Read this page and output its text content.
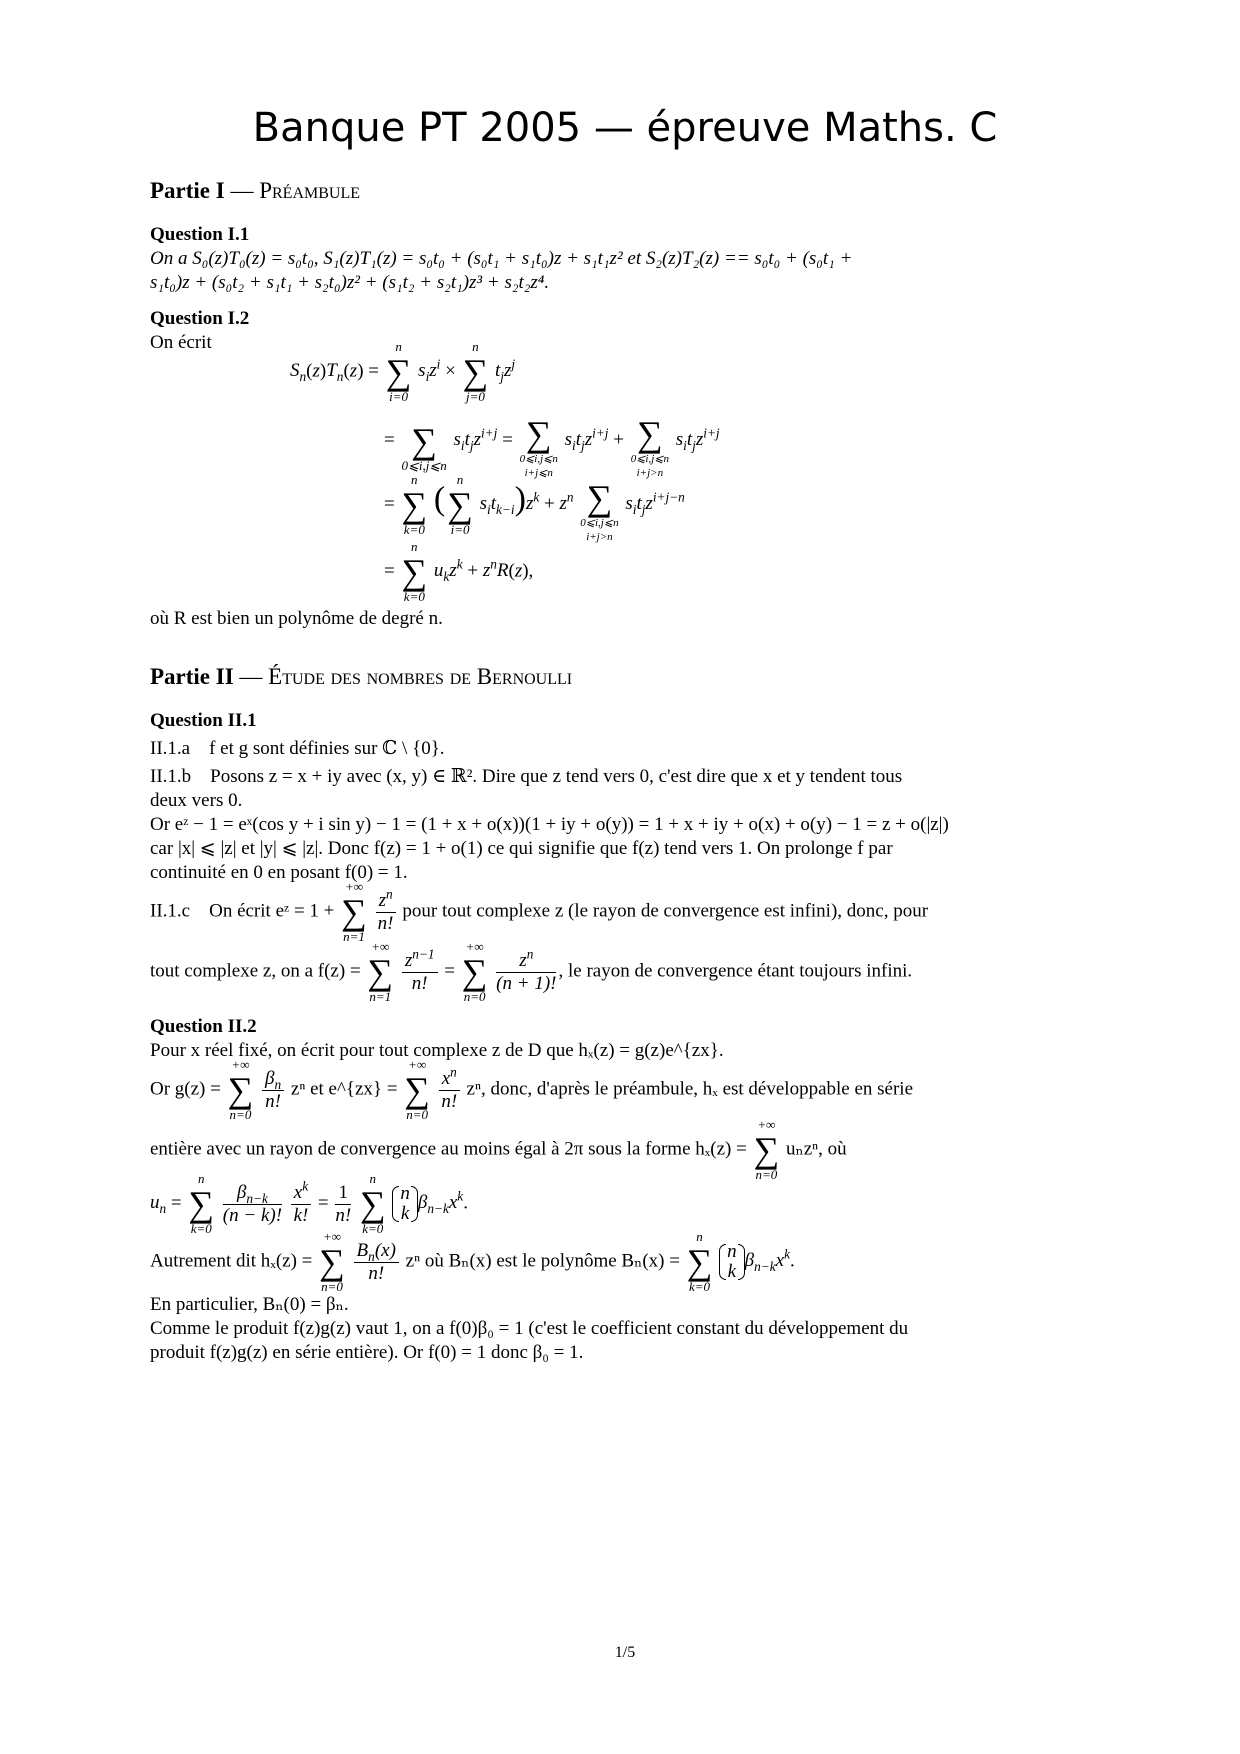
Banque PT 2005 — épreuve Maths. C
Partie I — Préambule
Question I.1
On a S₀(z)T₀(z) = s₀t₀, S₁(z)T₁(z) = s₀t₀ + (s₀t₁ + s₁t₀)z + s₁t₁z² et S₂(z)T₂(z) == s₀t₀ + (s₀t₁ +
s₁t₀)z + (s₀t₂ + s₁t₁ + s₂t₀)z² + (s₁t₂ + s₂t₁)z³ + s₂t₂z⁴.
Question I.2
On écrit
$S_n(z)T_n(z)$ =
n
∑
i=0
$s_iz^i$ ×
n
∑
j=0
$t_jz^j$
=
∑
0⩽i,j⩽n
$s_it_jz^{i+j}$ =
∑
0⩽i,j⩽n
i+j⩽n
$s_it_jz^{i+j}$ +
∑
0⩽i,j⩽n
i+j>n
$s_it_jz^{i+j}$
=
n
∑
k=0
(
n
∑
i=0
$s_it_{k-i})z^k + z^n$
∑
0⩽i,j⩽n
i+j>n
$s_it_jz^{i+j-n}$
=
n
∑
k=0
$u_kz^k + z^nR(z)$,
où R est bien un polynôme de degré n.
Partie II — Étude des nombres de Bernoulli
Question II.1
II.1.a f et g sont définies sur ℂ \ {0}.
II.1.b Posons z = x + iy avec (x, y) ∈ ℝ². Dire que z tend vers 0, c'est dire que x et y tendent tous
deux vers 0.
Or eᶻ − 1 = eˣ(cos y + i sin y) − 1 = (1 + x + o(x))(1 + iy + o(y)) = 1 + x + iy + o(x) + o(y) − 1 = z + o(|z|)
car |x| ⩽ |z| et |y| ⩽ |z|. Donc f(z) = 1 + o(1) ce qui signifie que f(z) tend vers 1. On prolonge f par
continuité en 0 en posant f(0) = 1.
II.1.c On écrit eᶻ = 1 +
+∞
∑
n=1

$\frac{z^n}{n!}$ pour tout complexe z (le rayon de convergence est infini), donc, pour
tout complexe z, on a f(z) =
+∞
∑
n=1

$\frac{z^{n-1}}{n!}$ =
+∞
∑
n=0

$\frac{z^n}{(n + 1)!}$ , le rayon de convergence étant toujours infini.
Question II.2
Pour x réel fixé, on écrit pour tout complexe z de D que hₓ(z) = g(z)e^{zx}.
Or g(z) =
+∞
∑
n=0

$\frac{\beta_n}{n!}$ zⁿ et e^{zx} =
+∞
∑
n=0

$\frac{x^n}{n!} z^n$, donc, d'après le préambule, hₓ est développable en série
entière avec un rayon de convergence au moins égal à 2π sous la forme hₓ(z) =
+∞
∑
n=0
uₙzⁿ, où
$u_n$ =
n
∑
k=0

$\frac{\beta_{n-k}}{(n - k)!}$
$\frac{x^k}{k!} = \frac{1}{n!}$

n
∑
k=0

n
k
$\beta_{n-k}x^k$.
Autrement dit hₓ(z) =
+∞
∑
n=0

$\frac{B_n(x)}{n!}$ zⁿ où Bₙ(x) est le polynôme Bₙ(x) =
n
∑
k=0

n
k
$\beta_{n-k}x^k$.
En particulier, Bₙ(0) = βₙ.
Comme le produit f(z)g(z) vaut 1, on a f(0)β₀ = 1 (c'est le coefficient constant du développement du
produit f(z)g(z) en série entière). Or f(0) = 1 donc β₀ = 1.
1/5
